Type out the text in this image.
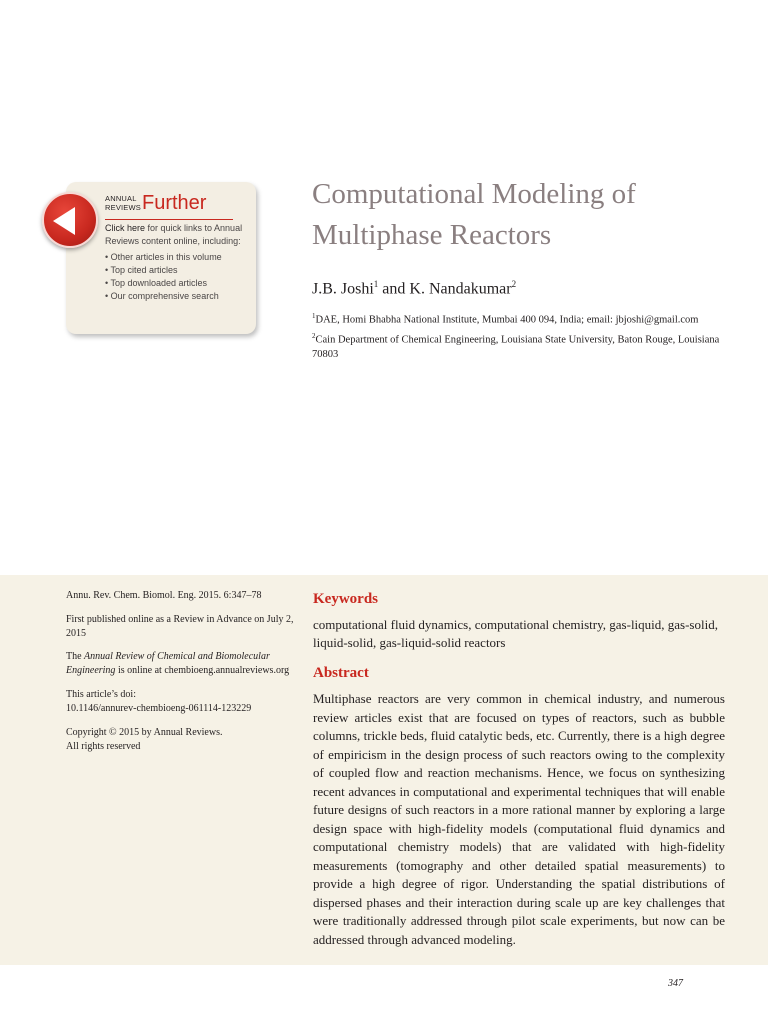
ANNUAL
REVIEWS Further
Click here for quick links to Annual Reviews content online, including:
• Other articles in this volume
• Top cited articles
• Top downloaded articles
• Our comprehensive search
Computational Modeling of Multiphase Reactors
J.B. Joshi$^1$ and K. Nandakumar$^2$
$^1$DAE, Homi Bhabha National Institute, Mumbai 400 094, India; email: jbjoshi@gmail.com
$^2$Cain Department of Chemical Engineering, Louisiana State University, Baton Rouge, Louisiana 70803
Annu. Rev. Chem. Biomol. Eng. 2015. 6:347–78
First published online as a Review in Advance on July 2, 2015
The Annual Review of Chemical and Biomolecular Engineering is online at chembioeng.annualreviews.org
This article’s doi:
10.1146/annurev-chembioeng-061114-123229
Copyright © 2015 by Annual Reviews.
All rights reserved
Keywords
computational fluid dynamics, computational chemistry, gas-liquid, gas-solid, liquid-solid, gas-liquid-solid reactors
Abstract
Multiphase reactors are very common in chemical industry, and numerous review articles exist that are focused on types of reactors, such as bubble columns, trickle beds, fluid catalytic beds, etc. Currently, there is a high degree of empiricism in the design process of such reactors owing to the complexity of coupled flow and reaction mechanisms. Hence, we focus on synthesizing recent advances in computational and experimental techniques that will enable future designs of such reactors in a more rational manner by exploring a large design space with high-fidelity models (computational fluid dynamics and computational chemistry models) that are validated with high-fidelity measurements (tomography and other detailed spatial measurements) to provide a high degree of rigor. Understanding the spatial distributions of dispersed phases and their interaction during scale up are key challenges that were traditionally addressed through pilot scale experiments, but now can be addressed through advanced modeling.
347
